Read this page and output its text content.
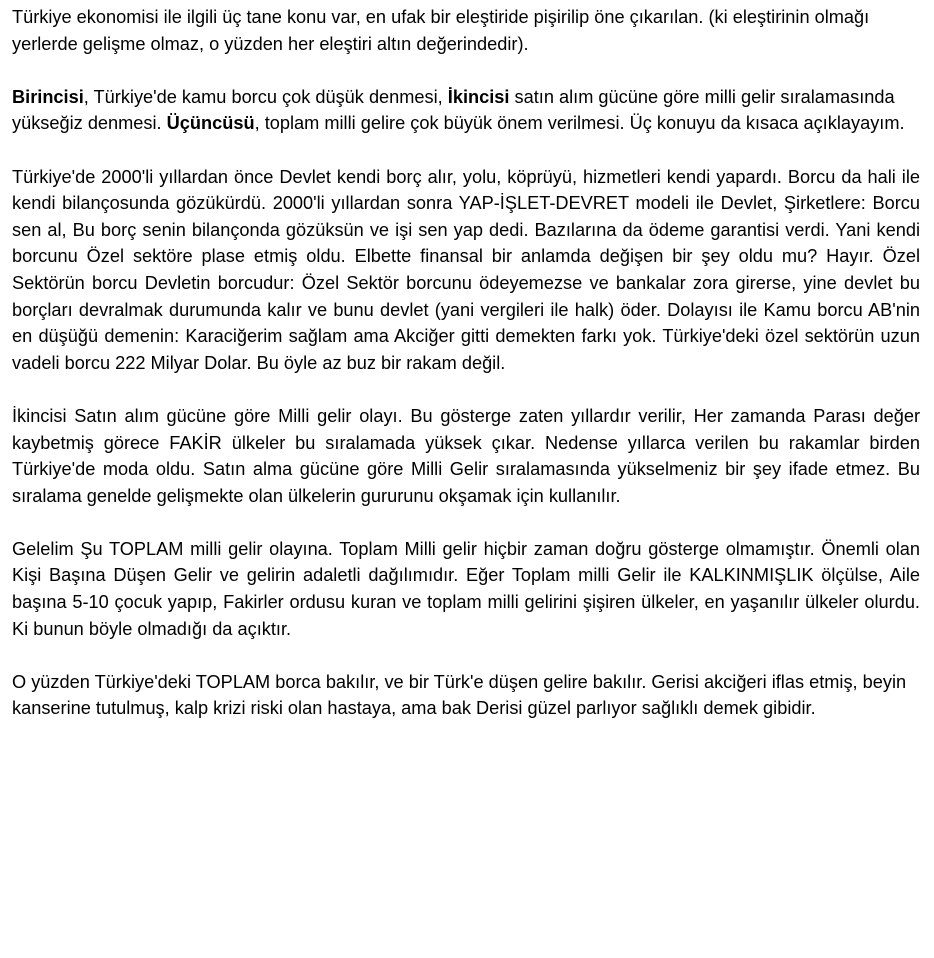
Türkiye ekonomisi ile ilgili üç tane konu var, en ufak bir eleştiride pişirilip öne çıkarılan. (ki eleştirinin olmağı yerlerde gelişme olmaz, o yüzden her eleştiri altın değerindedir).

Birincisi, Türkiye'de kamu borcu çok düşük denmesi, İkincisi satın alım gücüne göre milli gelir sıralamasında yükseğiz denmesi. Üçüncüsü, toplam milli gelire çok büyük önem verilmesi. Üç konuyu da kısaca açıklayayım.

Türkiye'de 2000'li yıllardan önce Devlet kendi borç alır, yolu, köprüyü, hizmetleri kendi yapardı. Borcu da hali ile kendi bilançosunda gözükürdü. 2000'li yıllardan sonra YAP-İŞLET-DEVRET modeli ile Devlet, Şirketlere: Borcu sen al, Bu borç senin bilançonda gözüksün ve işi sen yap dedi. Bazılarına da ödeme garantisi verdi. Yani kendi borcunu Özel sektöre plase etmiş oldu. Elbette finansal bir anlamda değişen bir şey oldu mu? Hayır. Özel Sektörün borcu Devletin borcudur: Özel Sektör borcunu ödeyemezse ve bankalar zora girerse, yine devlet bu borçları devralmak durumunda kalır ve bunu devlet (yani vergileri ile halk) öder. Dolayısı ile Kamu borcu AB'nin en düşüğü demenin: Karaciğerim sağlam ama Akciğer gitti demekten farkı yok. Türkiye'deki özel sektörün uzun vadeli borcu 222 Milyar Dolar. Bu öyle az buz bir rakam değil.

İkincisi Satın alım gücüne göre Milli gelir olayı. Bu gösterge zaten yıllardır verilir, Her zamanda Parası değer kaybetmiş görece FAKİR ülkeler bu sıralamada yüksek çıkar. Nedense yıllarca verilen bu rakamlar birden Türkiye'de moda oldu. Satın alma gücüne göre Milli Gelir sıralamasında yükselmeniz bir şey ifade etmez. Bu sıralama genelde gelişmekte olan ülkelerin gururunu okşamak için kullanılır.

Gelelim Şu TOPLAM milli gelir olayına. Toplam Milli gelir hiçbir zaman doğru gösterge olmamıştır. Önemli olan Kişi Başına Düşen Gelir ve gelirin adaletli dağılımıdır. Eğer Toplam milli Gelir ile KALKINMIŞLIK ölçülse, Aile başına 5-10 çocuk yapıp, Fakirler ordusu kuran ve toplam milli gelirini şişiren ülkeler, en yaşanılır ülkeler olurdu. Ki bunun böyle olmadığı da açıktır.

O yüzden Türkiye'deki TOPLAM borca bakılır, ve bir Türk'e düşen gelire bakılır. Gerisi akciğeri iflas etmiş, beyin kanserine tutulmuş, kalp krizi riski olan hastaya, ama bak Derisi güzel parlıyor sağlıklı demek gibidir.
